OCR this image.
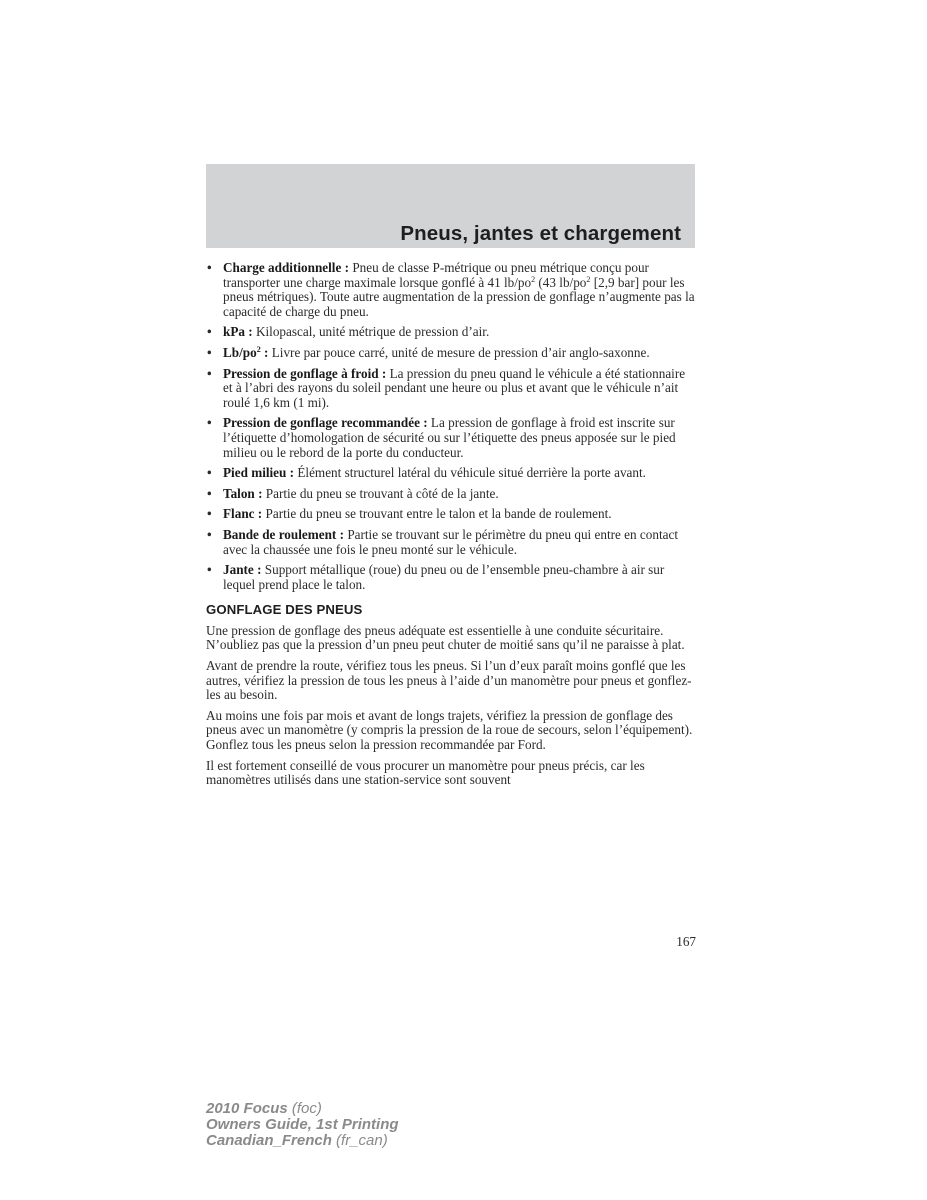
Pneus, jantes et chargement
• Charge additionnelle : Pneu de classe P-métrique ou pneu métrique conçu pour transporter une charge maximale lorsque gonflé à 41 $lb/po^2$ (43 $lb/po^2$ [2,9 bar] pour les pneus métriques). Toute autre augmentation de la pression de gonflage n’augmente pas la capacité de charge du pneu.
• kPa : Kilopascal, unité métrique de pression d’air.
• $Lb/po^2$ : Livre par pouce carré, unité de mesure de pression d’air anglo-saxonne.
• Pression de gonflage à froid : La pression du pneu quand le véhicule a été stationnaire et à l’abri des rayons du soleil pendant une heure ou plus et avant que le véhicule n’ait roulé 1,6 km (1 mi).
• Pression de gonflage recommandée : La pression de gonflage à froid est inscrite sur l’étiquette d’homologation de sécurité ou sur l’étiquette des pneus apposée sur le pied milieu ou le rebord de la porte du conducteur.
• Pied milieu : Élément structurel latéral du véhicule situé derrière la porte avant.
• Talon : Partie du pneu se trouvant à côté de la jante.
• Flanc : Partie du pneu se trouvant entre le talon et la bande de roulement.
• Bande de roulement : Partie se trouvant sur le périmètre du pneu qui entre en contact avec la chaussée une fois le pneu monté sur le véhicule.
• Jante : Support métallique (roue) du pneu ou de l’ensemble pneu-chambre à air sur lequel prend place le talon.
GONFLAGE DES PNEUS

Une pression de gonflage des pneus adéquate est essentielle à une conduite sécuritaire. N’oubliez pas que la pression d’un pneu peut chuter de moitié sans qu’il ne paraisse à plat.

Avant de prendre la route, vérifiez tous les pneus. Si l’un d’eux paraît moins gonflé que les autres, vérifiez la pression de tous les pneus à l’aide d’un manomètre pour pneus et gonflez-les au besoin.

Au moins une fois par mois et avant de longs trajets, vérifiez la pression de gonflage des pneus avec un manomètre (y compris la pression de la roue de secours, selon l’équipement). Gonflez tous les pneus selon la pression recommandée par Ford.

Il est fortement conseillé de vous procurer un manomètre pour pneus précis, car les manomètres utilisés dans une station-service sont souvent

167
2010 Focus (foc)
Owners Guide, 1st Printing
Canadian_French (fr_can)
